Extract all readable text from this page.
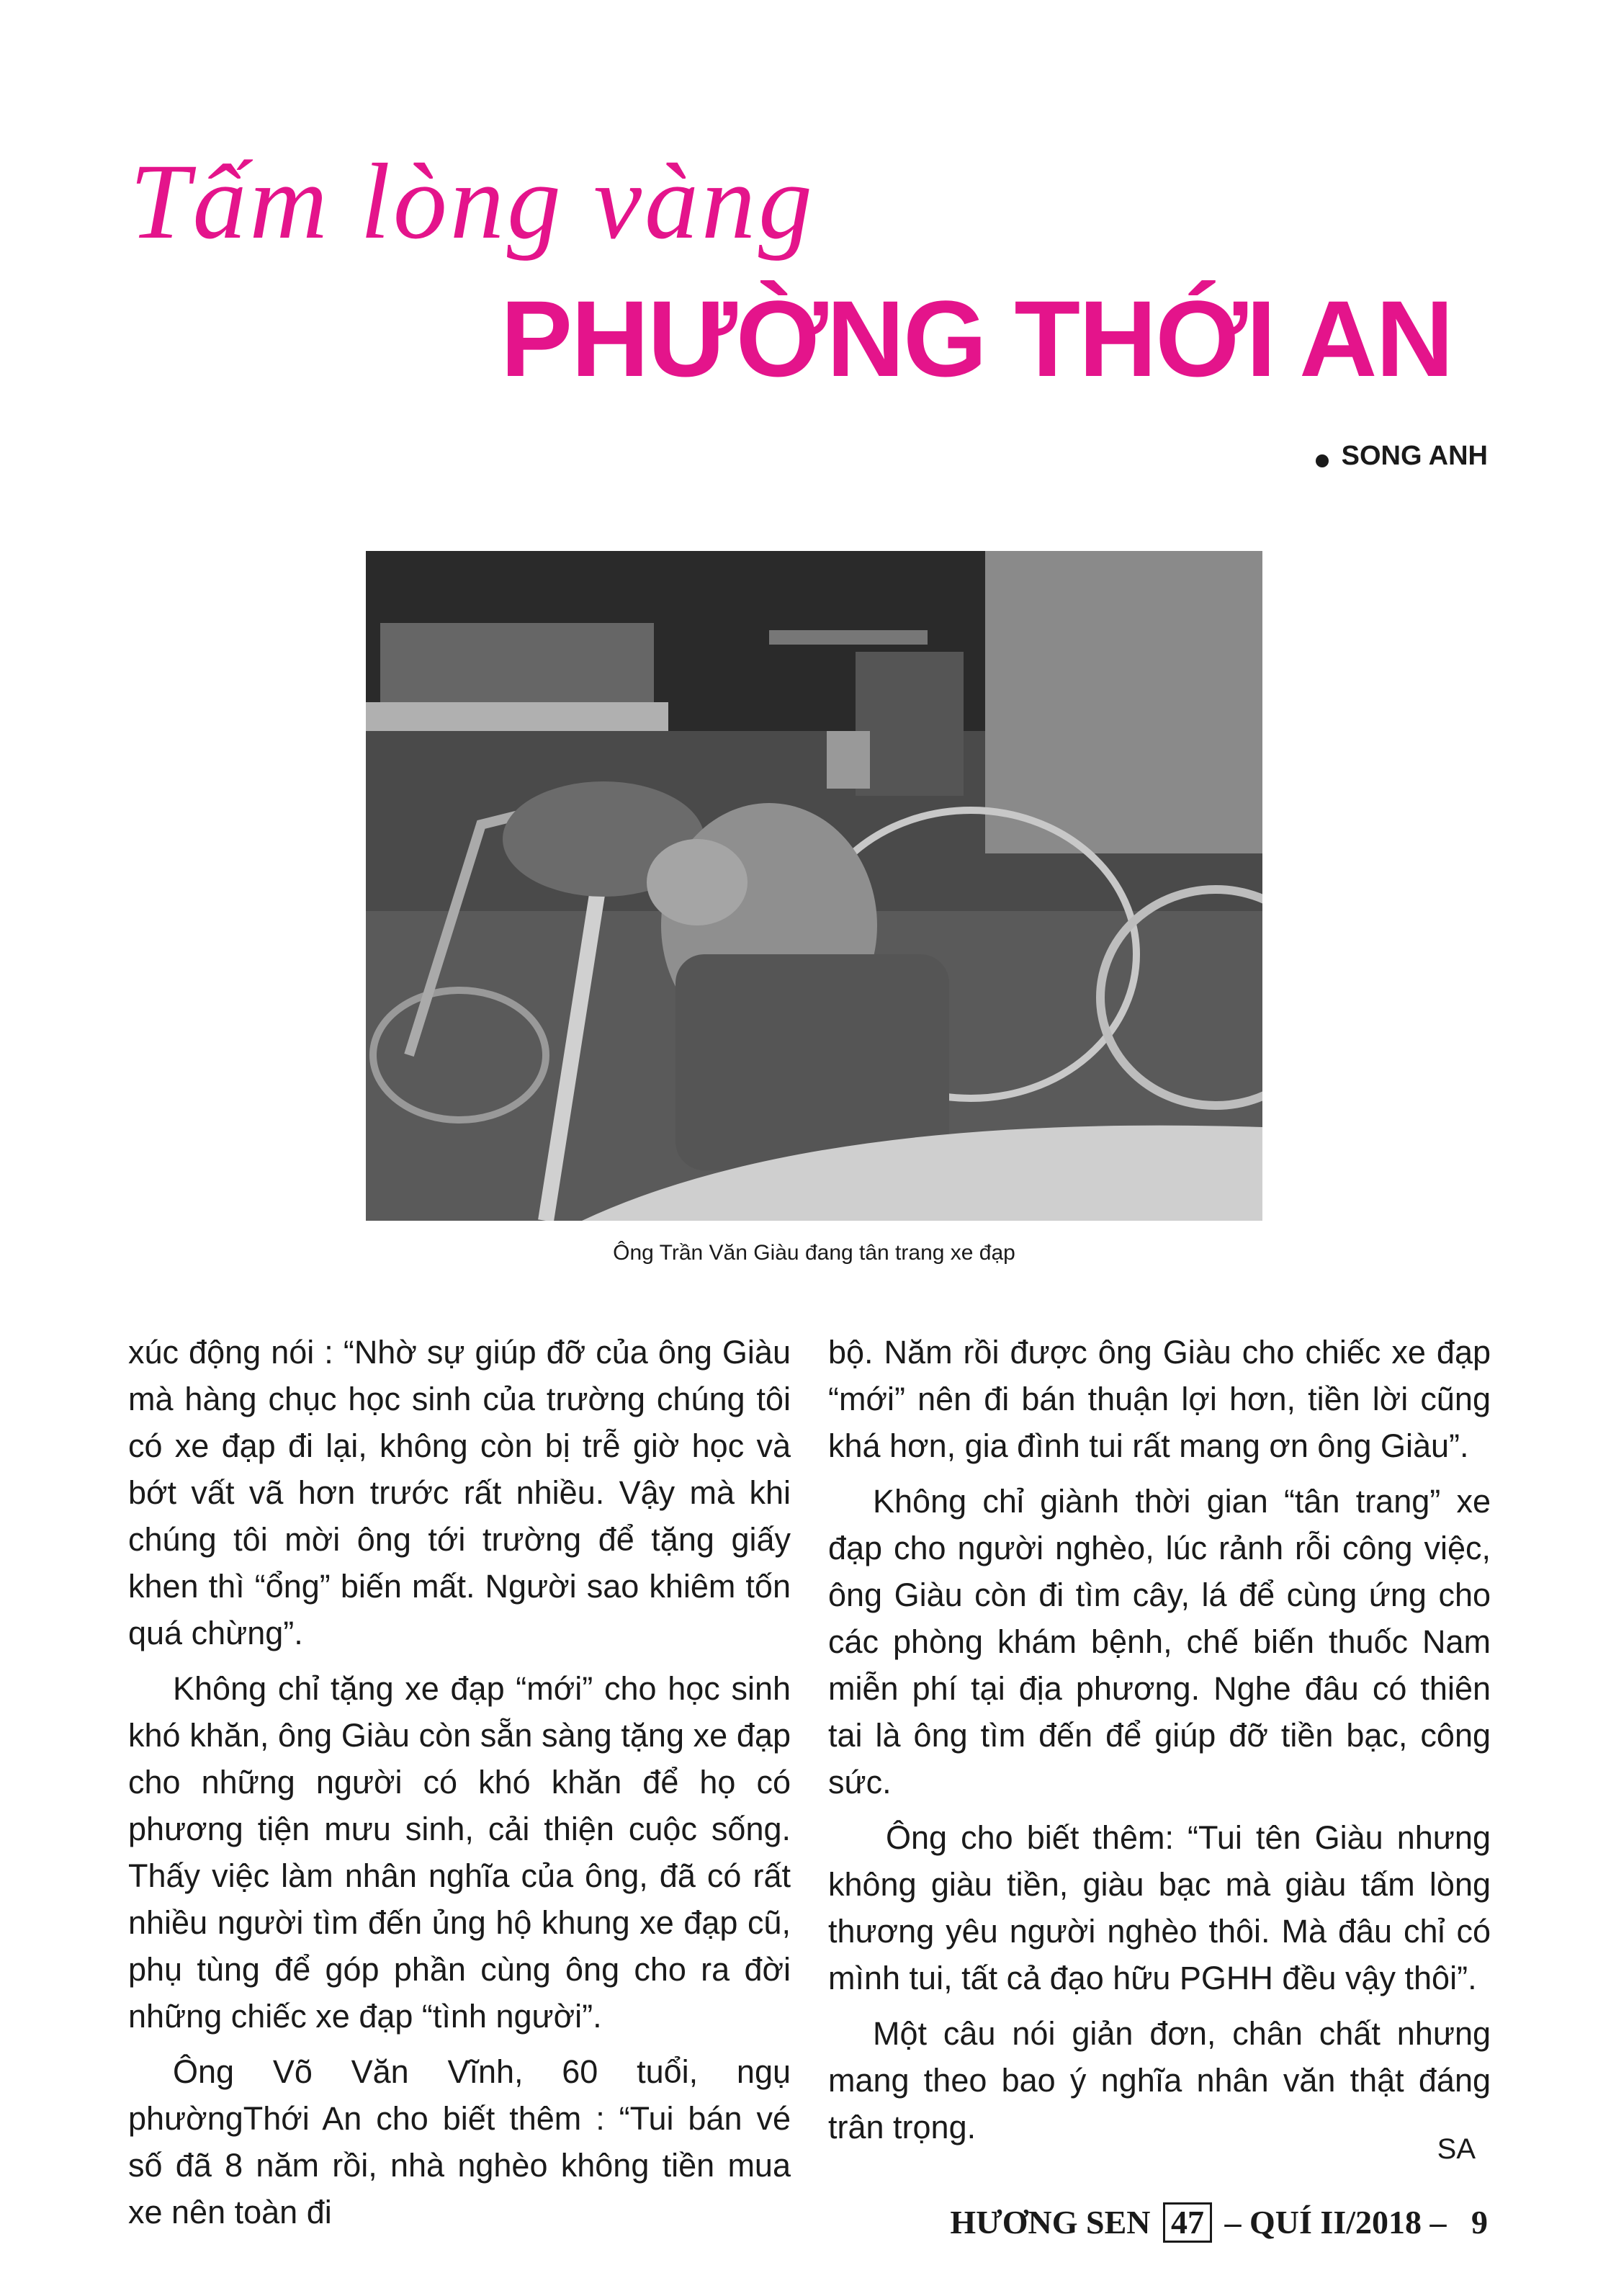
Tấm lòng vàng
PHƯỜNG THỚI AN
SONG ANH
Ông Trần Văn Giàu đang tân trang xe đạp

xúc động nói : “Nhờ sự giúp đỡ của ông Giàu mà hàng chục học sinh của trường chúng tôi có xe đạp đi lại, không còn bị trễ giờ học và bớt vất vã hơn trước rất nhiều. Vậy mà khi chúng tôi mời ông tới trường để tặng giấy khen thì “ổng” biến mất. Người sao khiêm tốn quá chừng”.

Không chỉ tặng xe đạp “mới” cho học sinh khó khăn, ông Giàu còn sẵn sàng tặng xe đạp cho những người có khó khăn để họ có phương tiện mưu sinh, cải thiện cuộc sống. Thấy việc làm nhân nghĩa của ông, đã có rất nhiều người tìm đến ủng hộ khung xe đạp cũ, phụ tùng để góp phần cùng ông cho ra đời những chiếc xe đạp “tình người”.

Ông Võ Văn Vĩnh, 60 tuổi, ngụ phườngThới An cho biết thêm : “Tui bán vé số đã 8 năm rồi, nhà nghèo không tiền mua xe nên toàn đi

bộ. Năm rồi được ông Giàu cho chiếc xe đạp “mới” nên đi bán thuận lợi hơn, tiền lời cũng khá hơn, gia đình tui rất mang ơn ông Giàu”.

Không chỉ giành thời gian “tân trang” xe đạp cho người nghèo, lúc rảnh rỗi công việc, ông Giàu còn đi tìm cây, lá để cùng ứng cho các phòng khám bệnh, chế biến thuốc Nam miễn phí tại địa phương. Nghe đâu có thiên tai là ông tìm đến để giúp đỡ tiền bạc, công sức.

Ông cho biết thêm: “Tui tên Giàu nhưng không giàu tiền, giàu bạc mà giàu tấm lòng thương yêu người nghèo thôi. Mà đâu chỉ có mình tui, tất cả đạo hữu PGHH đều vậy thôi”.

Một câu nói giản đơn, chân chất nhưng mang theo bao ý nghĩa nhân văn thật đáng trân trọng.

SA
HƯƠNG SEN 47 – QUÍ II/2018 – 9
